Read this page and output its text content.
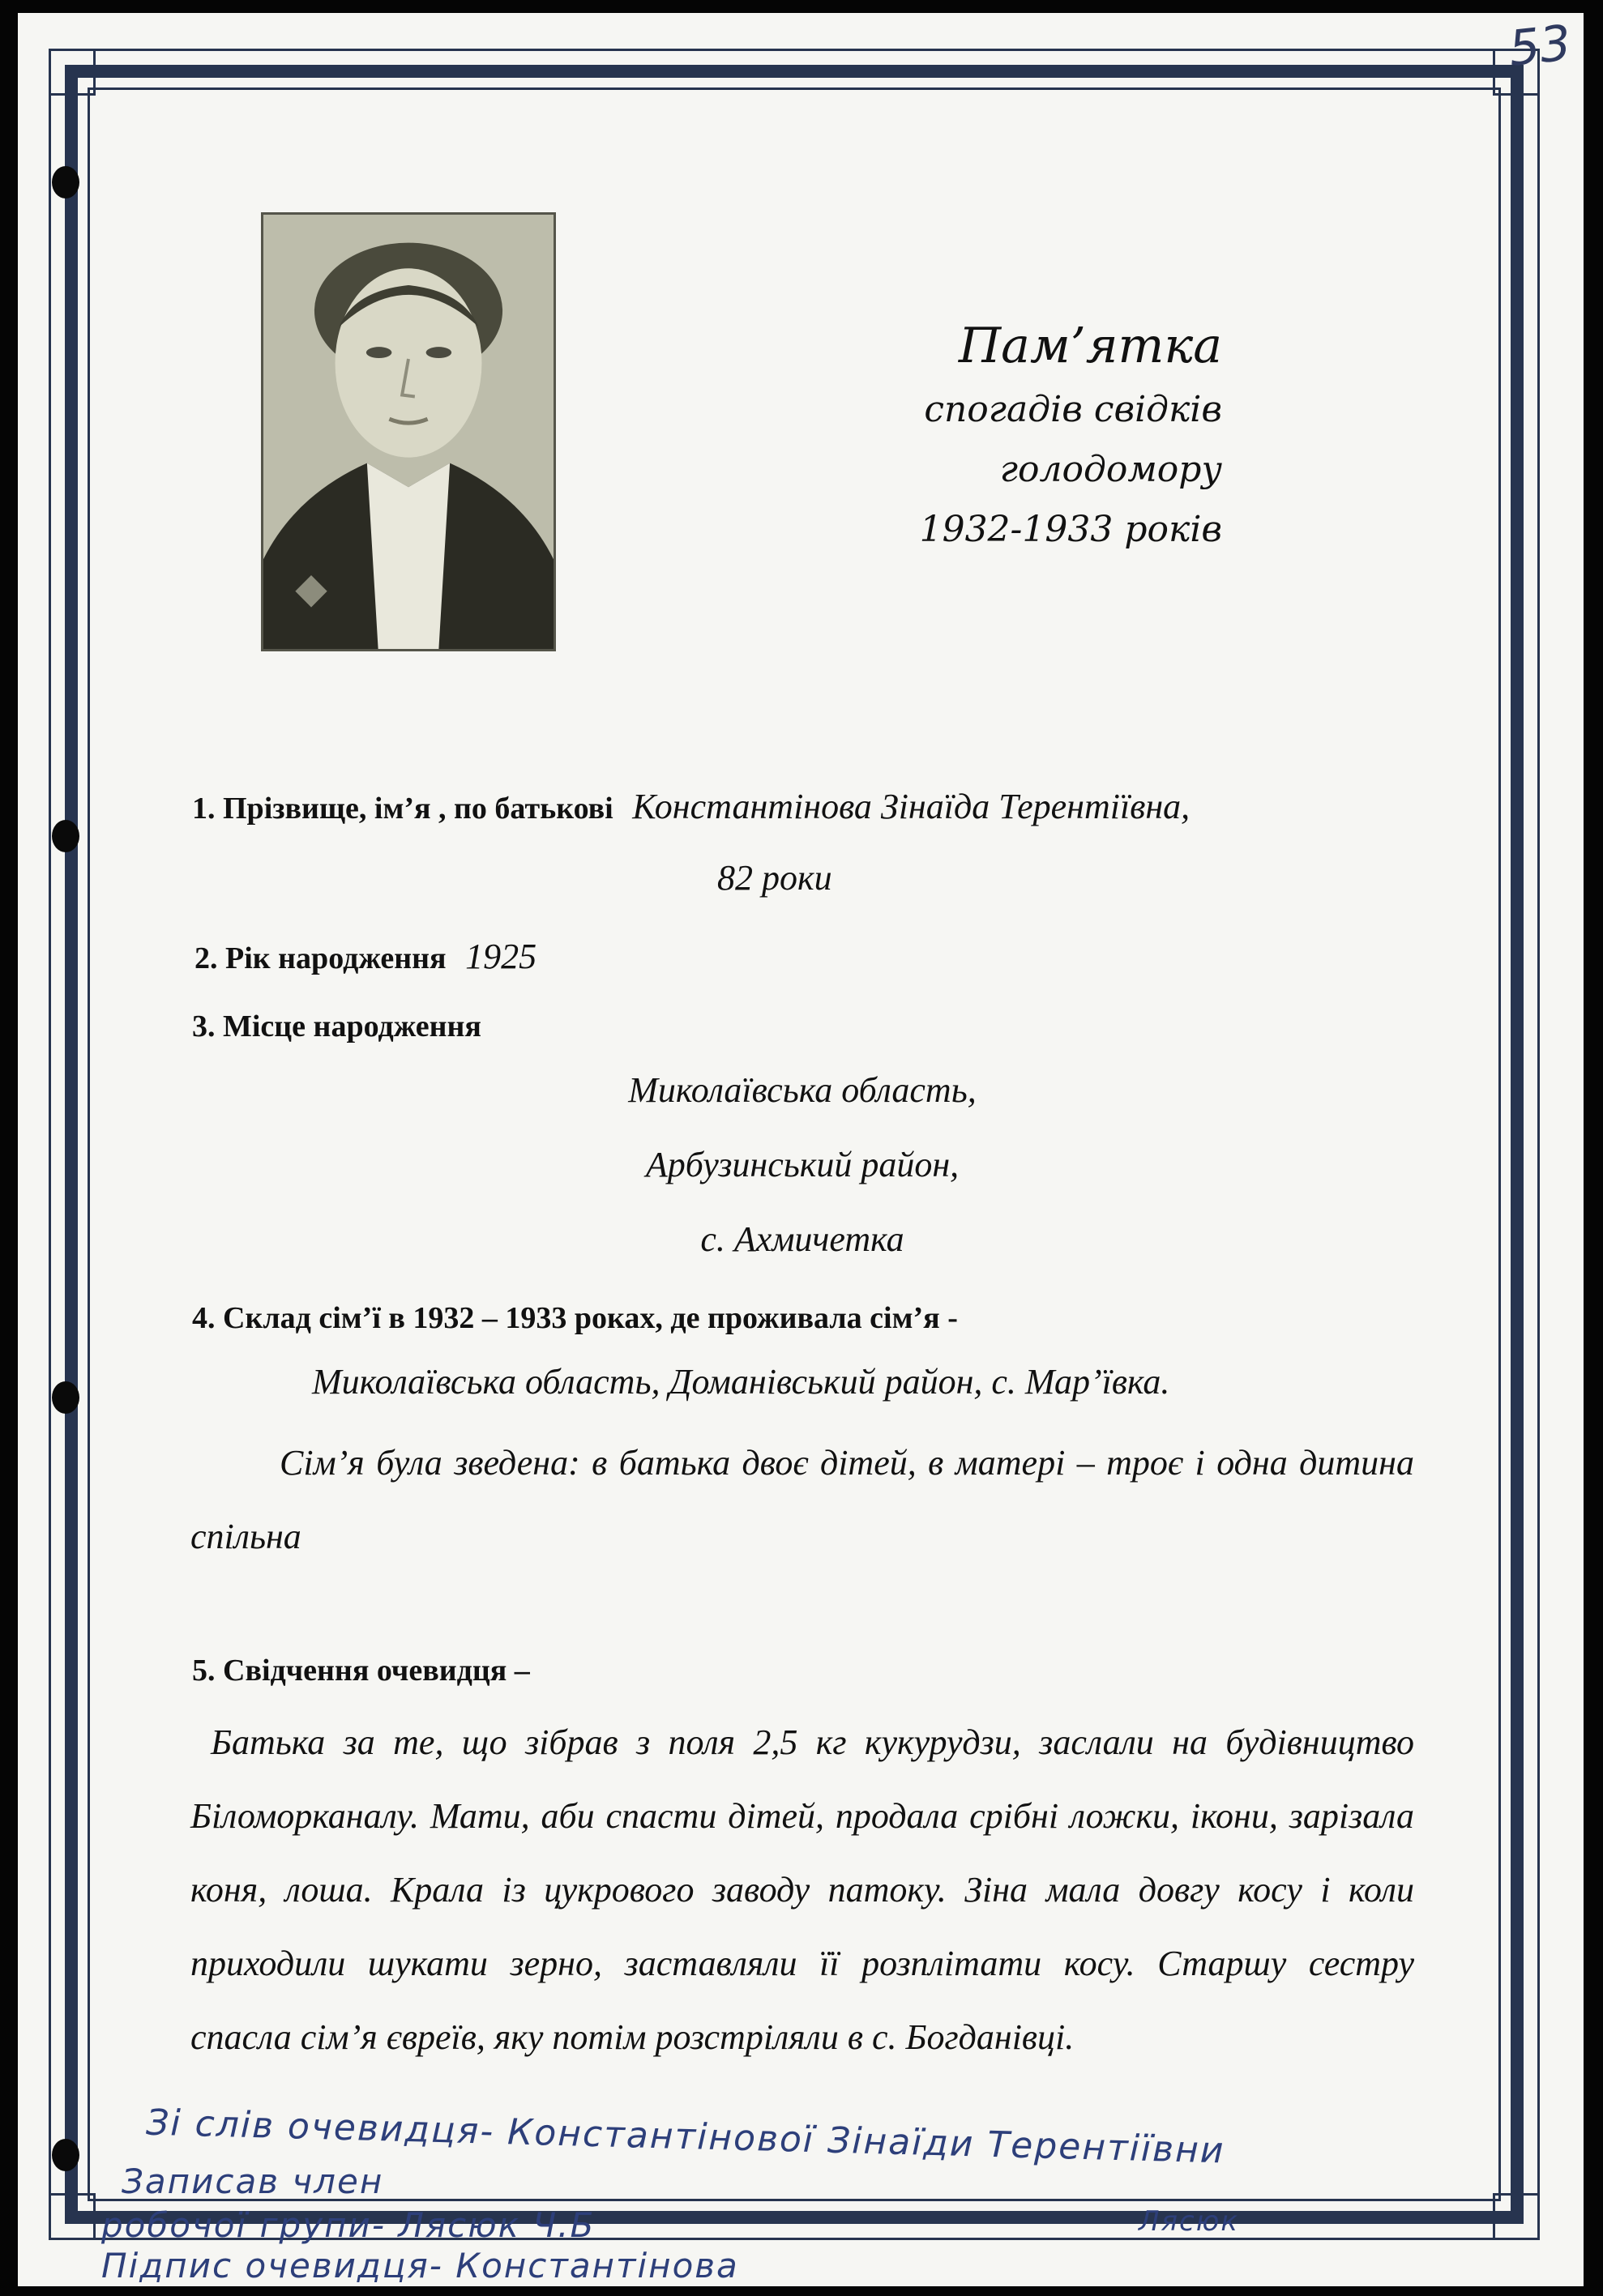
53
Пам’ятка
спогадів свідків
голодомору
1932-1933 років
1. Прізвище, ім’я , по батькові Константінова Зінаїда Терентіївна,
82 роки
2. Рік народження 1925
3. Місце народження
Миколаївська область,
Арбузинський район,
с. Ахмичетка
4. Склад сім’ї в 1932 – 1933 роках, де проживала сім’я -
Миколаївська область, Доманівський район, с. Мар’ївка.
Сім’я була зведена: в батька двоє дітей, в матері – троє і одна дитина спільна
5. Свідчення очевидця –
Батька за те, що зібрав з поля 2,5 кг кукурудзи, заслали на будівництво Біломорканалу. Мати, аби спасти дітей, продала срібні ложки, ікони, зарізала коня, лоша. Крала із цукрового заводу патоку. Зіна мала довгу косу і коли приходили шукати зерно, заставляли її розплітати косу. Старшу сестру спасла сім’я євреїв, яку потім розстріляли в с. Богданівці.
Зі слів очевидця- Константінової Зінаїди Терентіївни
Записав член
робочої групи- Лясюк Ч.Б	Лясюк
Підпис очевидця- Константінова
